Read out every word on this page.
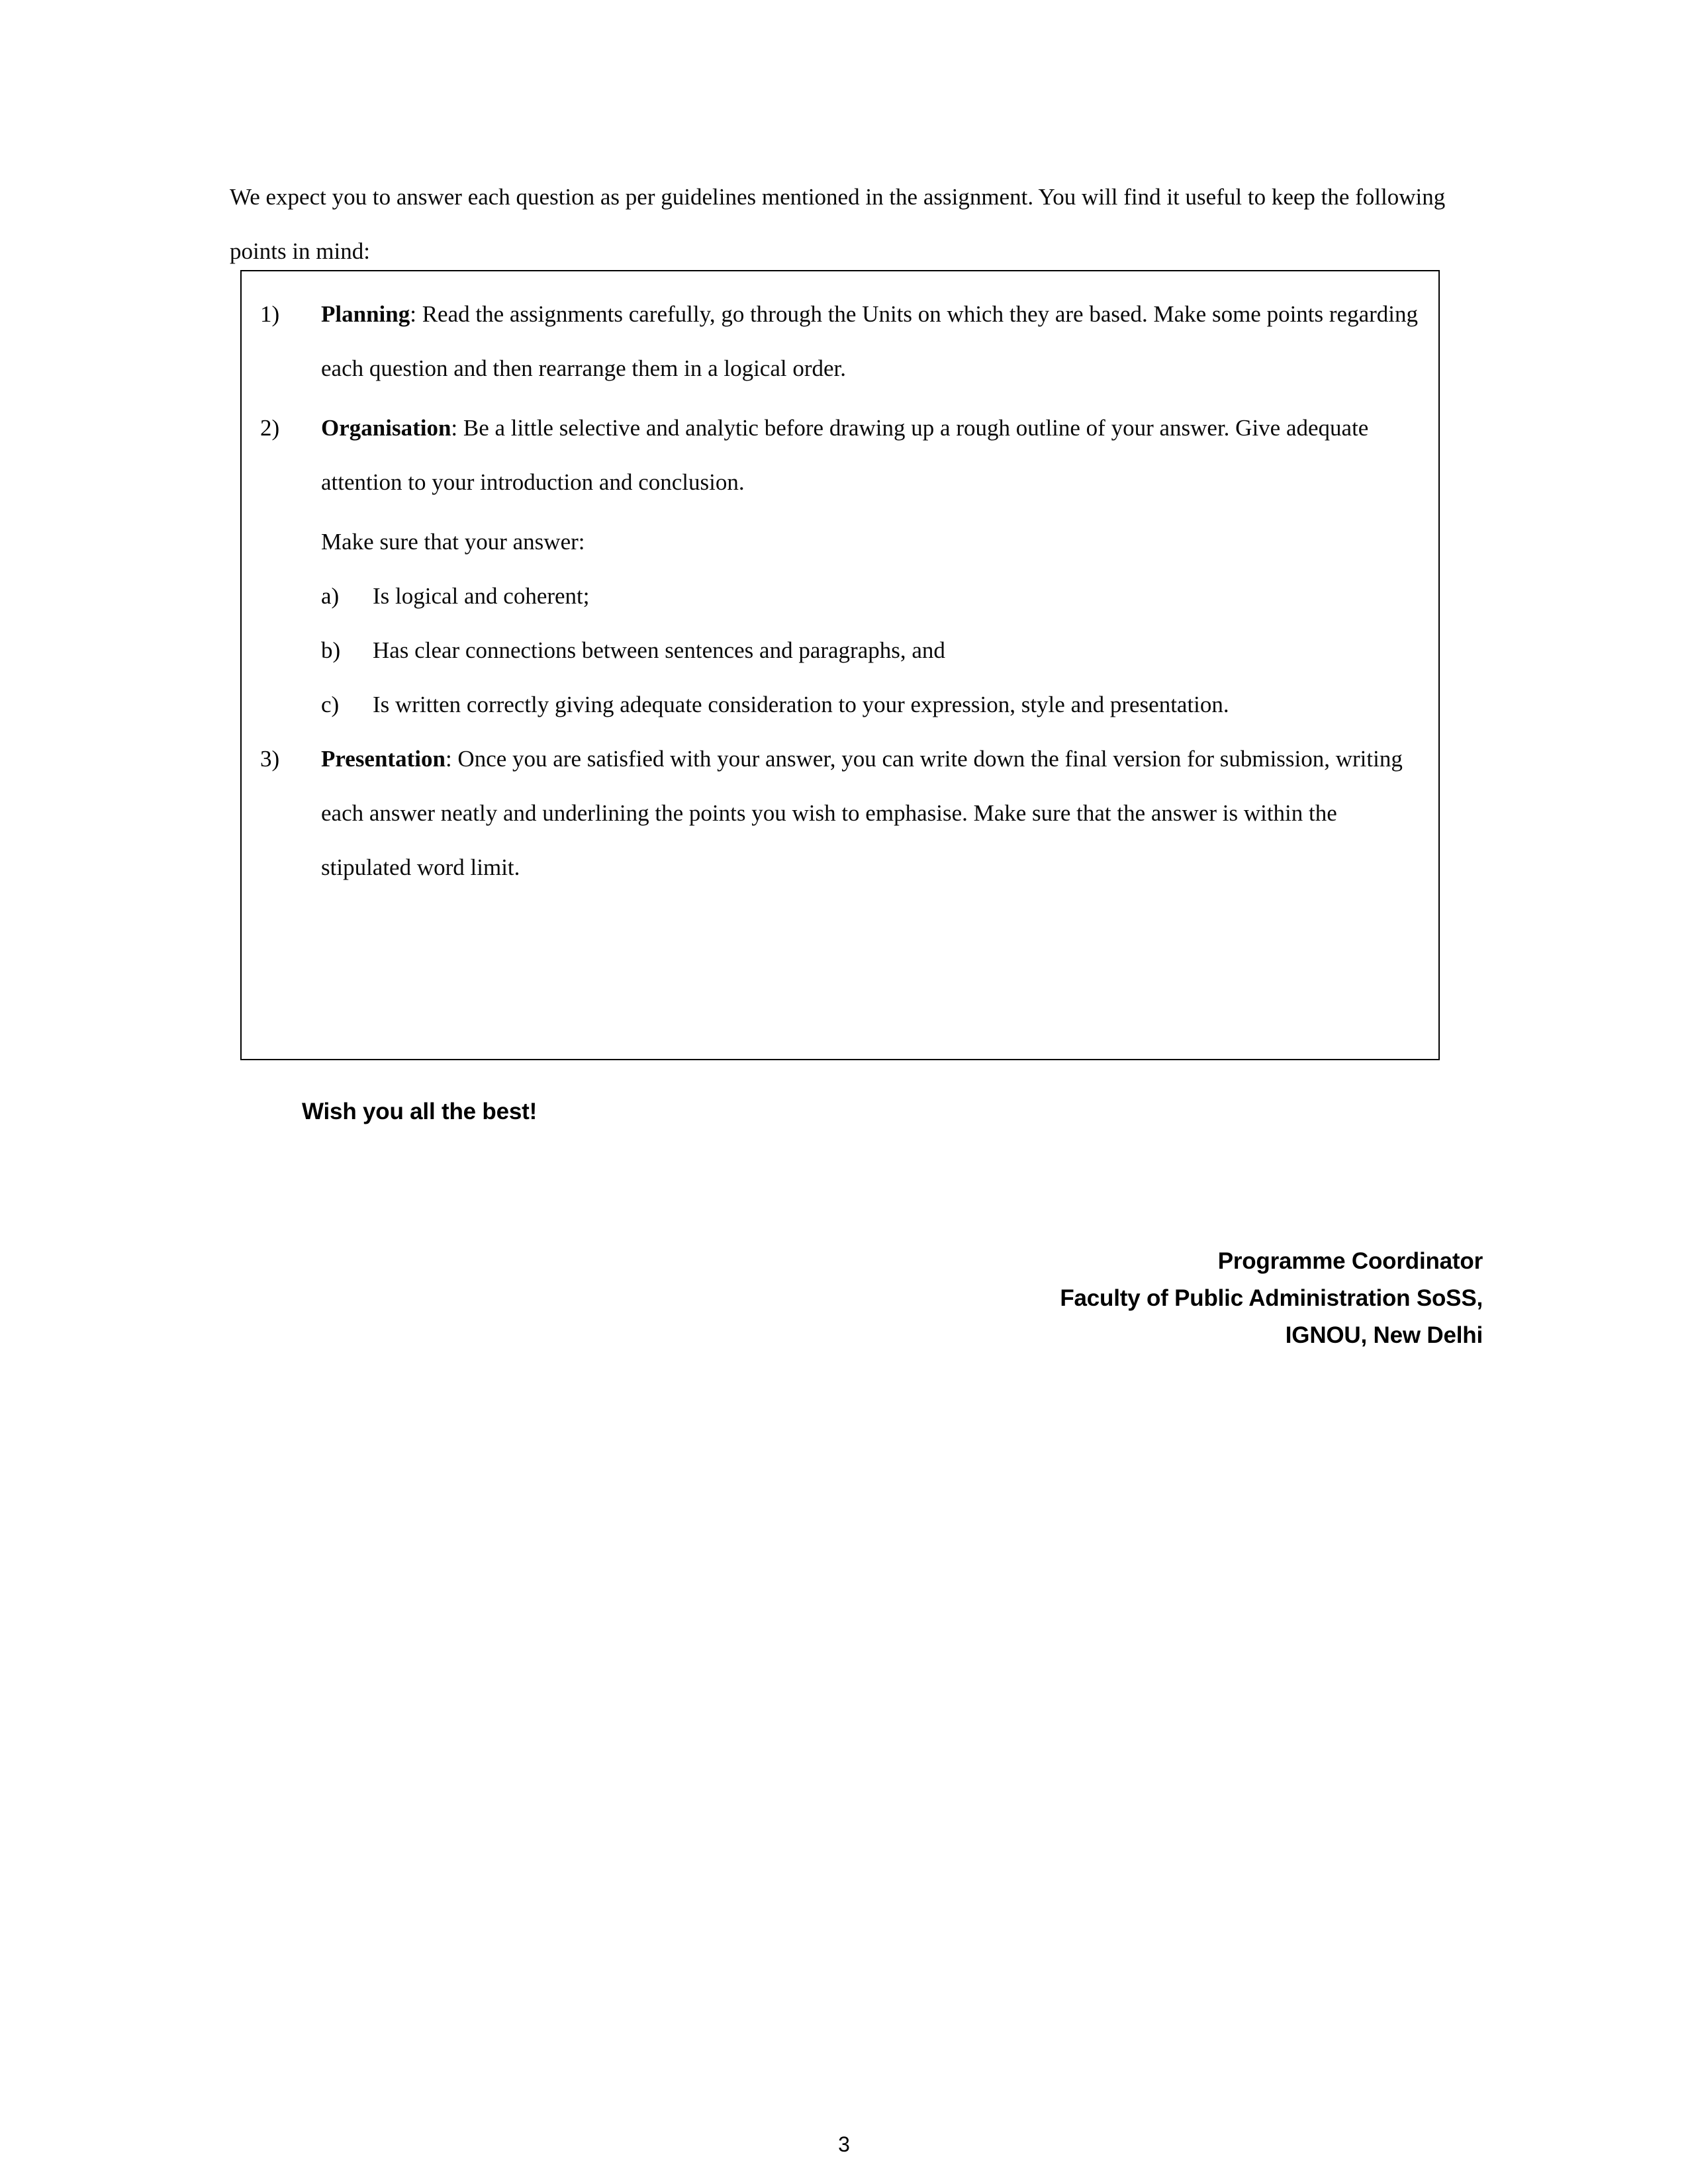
We expect you to answer each question as per guidelines mentioned in the assignment. You will find it useful to keep the following points in mind:

1)	Planning: Read the assignments carefully, go through the Units on which they are based. Make some points regarding each question and then rearrange them in a logical order.
2)	Organisation: Be a little selective and analytic before drawing up a rough outline of your answer. Give adequate attention to your introduction and conclusion.
Make sure that your answer:
a)	Is logical and coherent;
b)	Has clear connections between sentences and paragraphs, and
c)	Is written correctly giving adequate consideration to your expression, style and presentation.
3)	Presentation: Once you are satisfied with your answer, you can write down the final version for submission, writing each answer neatly and underlining the points you wish to emphasise. Make sure that the answer is within the stipulated word limit.
Wish you all the best!
Programme Coordinator
Faculty of Public Administration SoSS,
IGNOU, New Delhi
3
